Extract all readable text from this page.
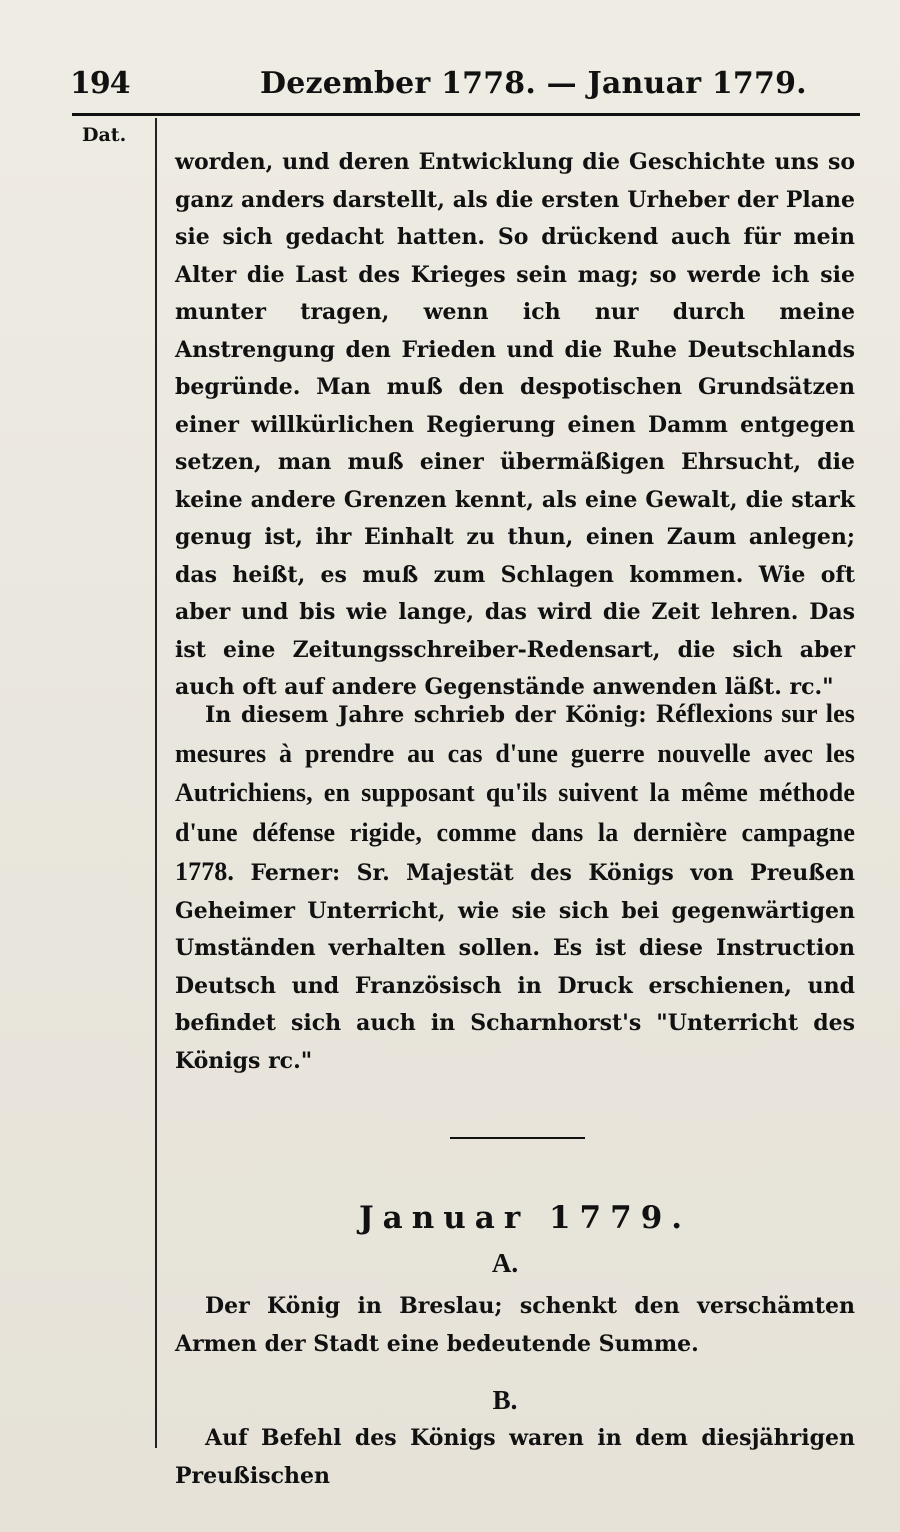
194	Dezember 1778. — Januar 1779.
Dat.

worden, und deren Entwicklung die Geschichte uns so ganz anders darstellt, als die ersten Urheber der Plane sie sich gedacht hatten. So drückend auch für mein Alter die Last des Krieges sein mag; so werde ich sie munter tragen, wenn ich nur durch meine Anstrengung den Frieden und die Ruhe Deutschlands begründe. Man muß den despotischen Grundsätzen einer willkürlichen Regierung einen Damm entgegen setzen, man muß einer übermäßigen Ehrsucht, die keine andere Grenzen kennt, als eine Gewalt, die stark genug ist, ihr Einhalt zu thun, einen Zaum anlegen; das heißt, es muß zum Schlagen kommen. Wie oft aber und bis wie lange, das wird die Zeit lehren. Das ist eine Zeitungsschreiber-Redensart, die sich aber auch oft auf andere Gegenstände anwenden läßt. rc."

In diesem Jahre schrieb der König: Réflexions sur les mesures à prendre au cas d'une guerre nouvelle avec les Autrichiens, en supposant qu'ils suivent la même méthode d'une défense rigide, comme dans la dernière campagne 1778. Ferner: Sr. Majestät des Königs von Preußen Geheimer Unterricht, wie sie sich bei gegenwärtigen Umständen verhalten sollen. Es ist diese Instruction Deutsch und Französisch in Druck erschienen, und befindet sich auch in Scharnhorst's "Unterricht des Königs rc."

Januar 1779.
A.

Der König in Breslau; schenkt den verschämten Armen der Stadt eine bedeutende Summe.

B.

Auf Befehl des Königs waren in dem diesjährigen Preußischen
